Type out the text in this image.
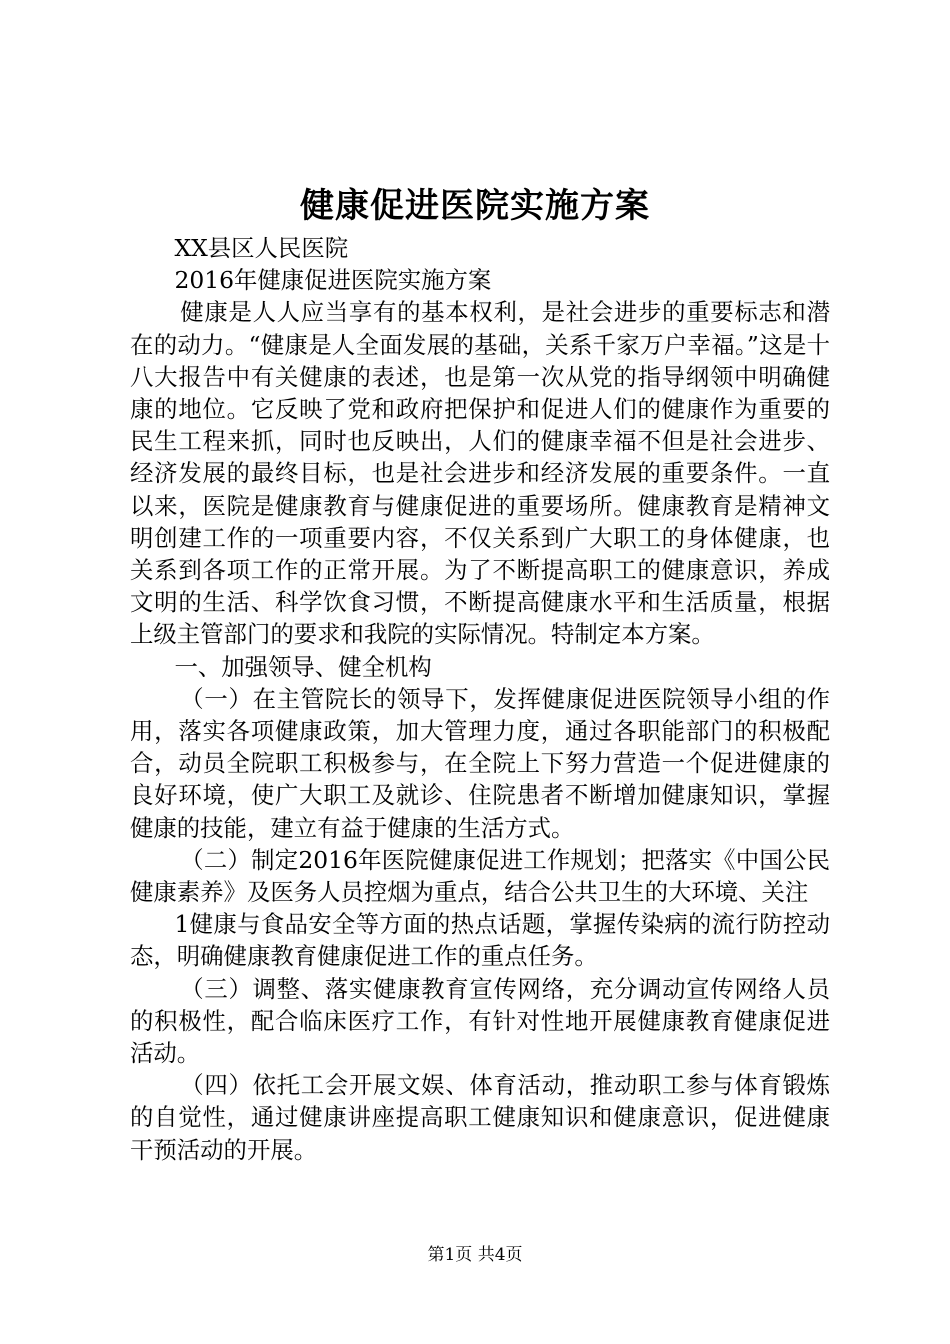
健康促进医院实施方案

XX县区人民医院

2016年健康促进医院实施方案

健康是人人应当享有的基本权利，是社会进步的重要标志和潜在的动力。“健康是人全面发展的基础，关系千家万户幸福。”这是十八大报告中有关健康的表述，也是第一次从党的指导纲领中明确健康的地位。它反映了党和政府把保护和促进人们的健康作为重要的民生工程来抓，同时也反映出，人们的健康幸福不但是社会进步、经济发展的最终目标，也是社会进步和经济发展的重要条件。一直以来，医院是健康教育与健康促进的重要场所。健康教育是精神文明创建工作的一项重要内容，不仅关系到广大职工的身体健康，也关系到各项工作的正常开展。为了不断提高职工的健康意识，养成文明的生活、科学饮食习惯，不断提高健康水平和生活质量，根据上级主管部门的要求和我院的实际情况。特制定本方案。

一、加强领导、健全机构

（一）在主管院长的领导下，发挥健康促进医院领导小组的作用，落实各项健康政策，加大管理力度，通过各职能部门的积极配合，动员全院职工积极参与，在全院上下努力营造一个促进健康的良好环境，使广大职工及就诊、住院患者不断增加健康知识，掌握健康的技能，建立有益于健康的生活方式。

（二）制定2016年医院健康促进工作规划；把落实《中国公民健康素养》及医务人员控烟为重点，结合公共卫生的大环境、关注

1健康与食品安全等方面的热点话题，掌握传染病的流行防控动态，明确健康教育健康促进工作的重点任务。

（三）调整、落实健康教育宣传网络，充分调动宣传网络人员的积极性，配合临床医疗工作，有针对性地开展健康教育健康促进活动。

（四）依托工会开展文娱、体育活动，推动职工参与体育锻炼的自觉性，通过健康讲座提高职工健康知识和健康意识，促进健康干预活动的开展。

第1页 共4页
